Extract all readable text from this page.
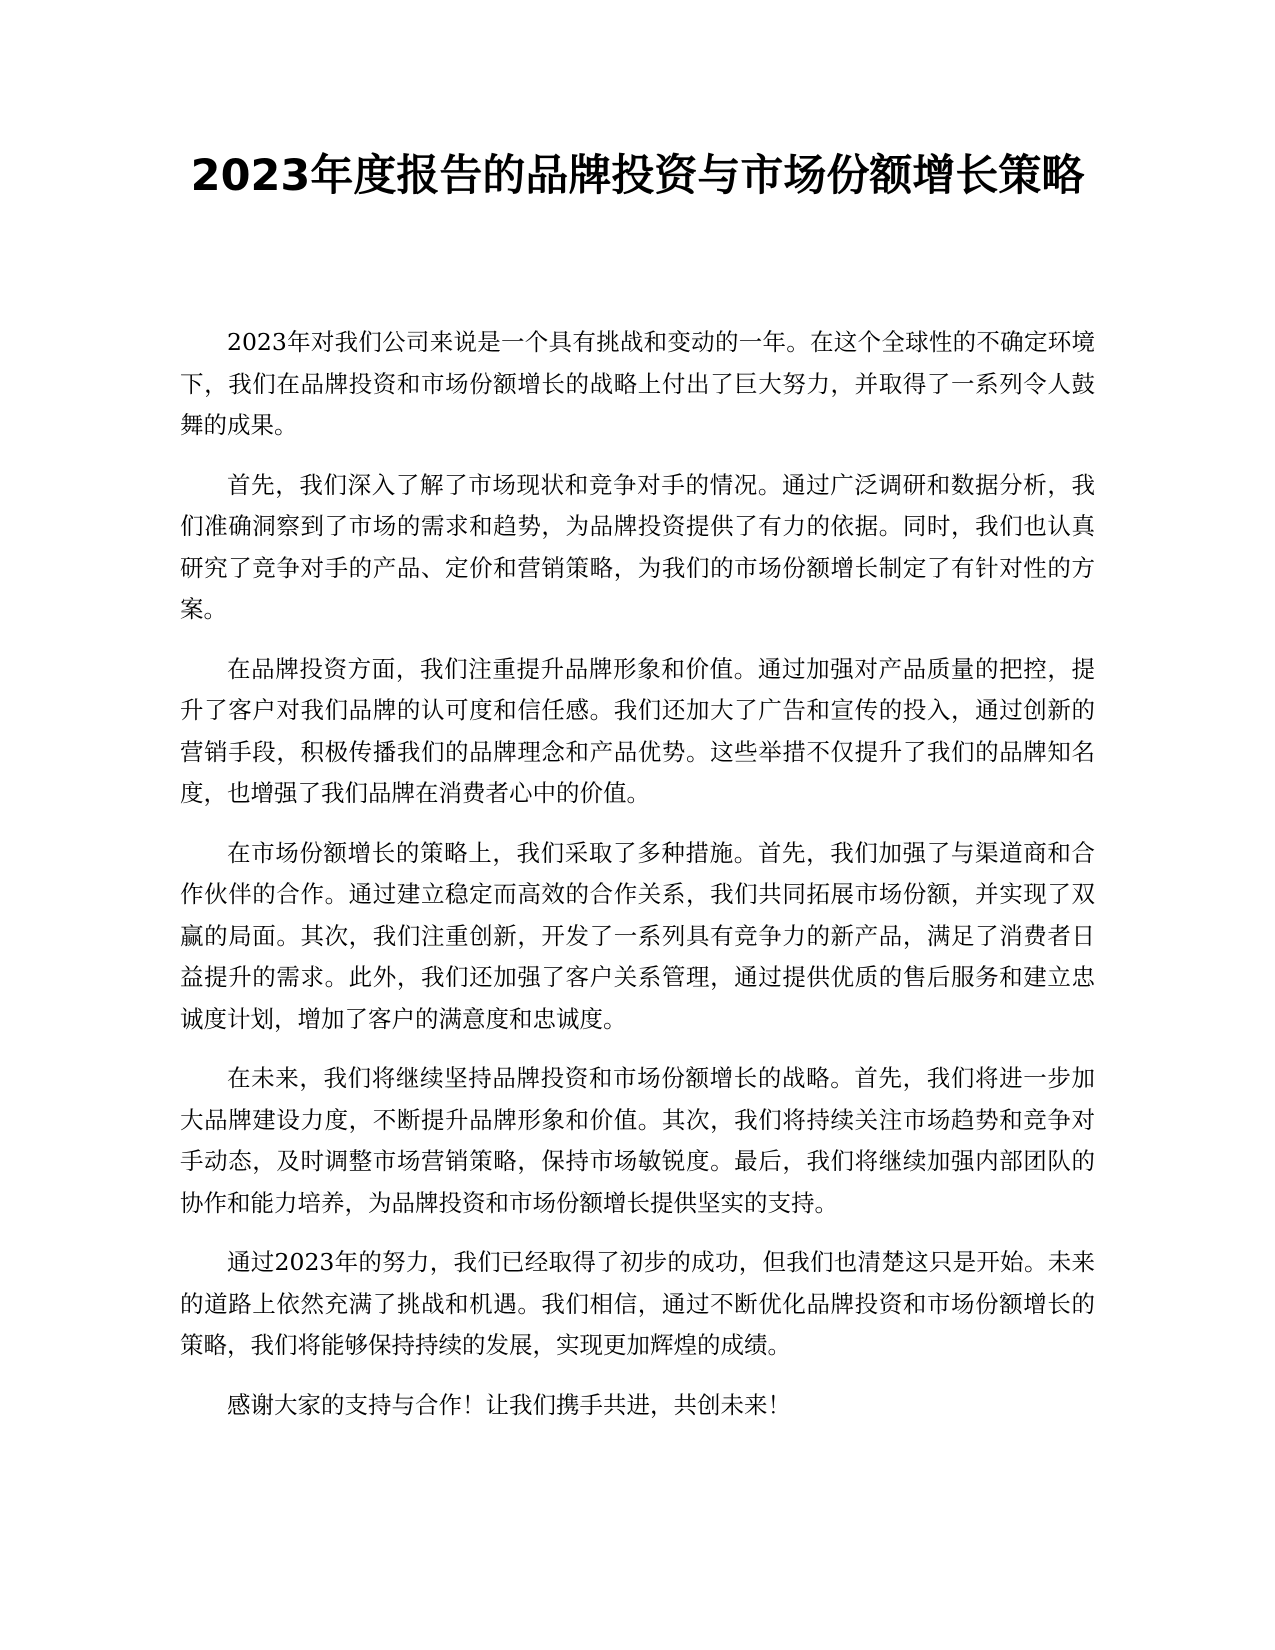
2023年度报告的品牌投资与市场份额增长策略

2023年对我们公司来说是一个具有挑战和变动的一年。在这个全球性的不确定环境下，我们在品牌投资和市场份额增长的战略上付出了巨大努力，并取得了一系列令人鼓舞的成果。

首先，我们深入了解了市场现状和竞争对手的情况。通过广泛调研和数据分析，我们准确洞察到了市场的需求和趋势，为品牌投资提供了有力的依据。同时，我们也认真研究了竞争对手的产品、定价和营销策略，为我们的市场份额增长制定了有针对性的方案。

在品牌投资方面，我们注重提升品牌形象和价值。通过加强对产品质量的把控，提升了客户对我们品牌的认可度和信任感。我们还加大了广告和宣传的投入，通过创新的营销手段，积极传播我们的品牌理念和产品优势。这些举措不仅提升了我们的品牌知名度，也增强了我们品牌在消费者心中的价值。

在市场份额增长的策略上，我们采取了多种措施。首先，我们加强了与渠道商和合作伙伴的合作。通过建立稳定而高效的合作关系，我们共同拓展市场份额，并实现了双赢的局面。其次，我们注重创新，开发了一系列具有竞争力的新产品，满足了消费者日益提升的需求。此外，我们还加强了客户关系管理，通过提供优质的售后服务和建立忠诚度计划，增加了客户的满意度和忠诚度。

在未来，我们将继续坚持品牌投资和市场份额增长的战略。首先，我们将进一步加大品牌建设力度，不断提升品牌形象和价值。其次，我们将持续关注市场趋势和竞争对手动态，及时调整市场营销策略，保持市场敏锐度。最后，我们将继续加强内部团队的协作和能力培养，为品牌投资和市场份额增长提供坚实的支持。

通过2023年的努力，我们已经取得了初步的成功，但我们也清楚这只是开始。未来的道路上依然充满了挑战和机遇。我们相信，通过不断优化品牌投资和市场份额增长的策略，我们将能够保持持续的发展，实现更加辉煌的成绩。

感谢大家的支持与合作！让我们携手共进，共创未来！
